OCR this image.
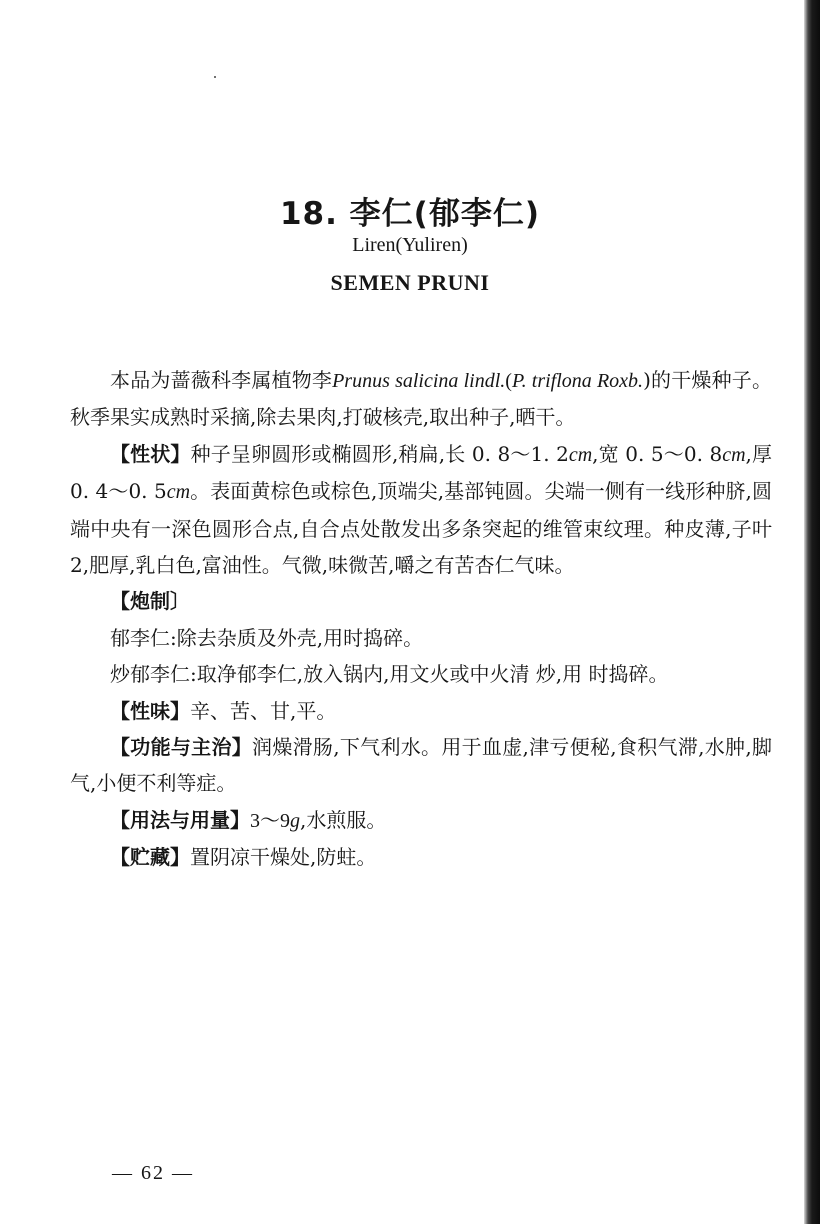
18. 李仁(郁李仁)
Liren(Yuliren)
SEMEN PRUNI

本品为蔷薇科李属植物李Prunus salicina lindl.(P. triflona Roxb.)的干燥种子。秋季果实成熟时采摘,除去果肉,打破核壳,取出种子,晒干。

【性状】种子呈卵圆形或椭圆形,稍扁,长 0. 8～1. 2cm,宽 0. 5～0. 8cm,厚 0. 4～0. 5cm。表面黄棕色或棕色,顶端尖,基部钝圆。尖端一侧有一线形种脐,圆端中央有一深色圆形合点,自合点处散发出多条突起的维管束纹理。种皮薄,子叶 2,肥厚,乳白色,富油性。气微,味微苦,嚼之有苦杏仁气味。

【炮制〕

郁李仁:除去杂质及外壳,用时捣碎。

炒郁李仁:取净郁李仁,放入锅内,用文火或中火清 炒,用 时捣碎。

【性味】辛、苦、甘,平。

【功能与主治】润燥滑肠,下气利水。用于血虚,津亏便秘,食积气滞,水肿,脚气,小便不利等症。

【用法与用量】3～9g,水煎服。

【贮藏】置阴凉干燥处,防蛀。

— 62 —
